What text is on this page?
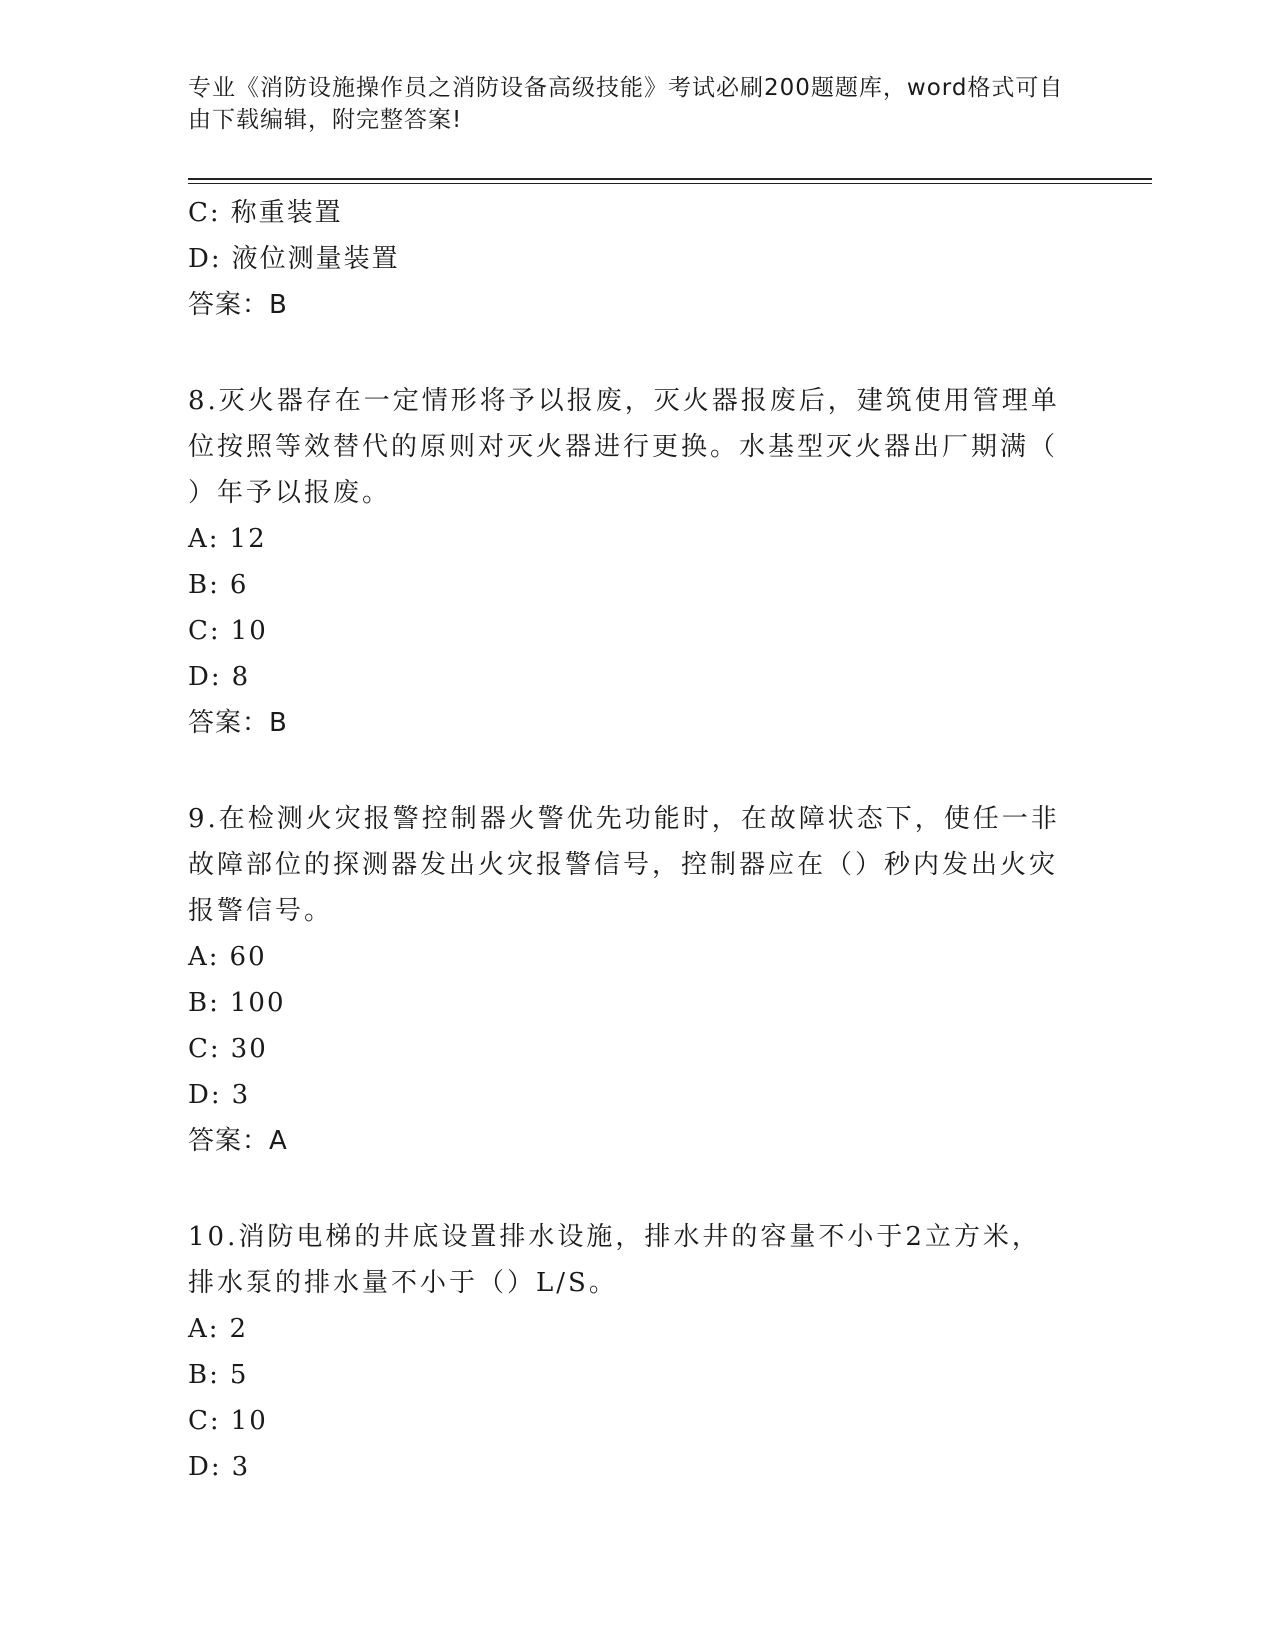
专业《消防设施操作员之消防设备高级技能》考试必刷200题题库，word格式可自由下载编辑，附完整答案!
C: 称重装置
D: 液位测量装置
答案：B
8.灭火器存在一定情形将予以报废，灭火器报废后，建筑使用管理单位按照等效替代的原则对灭火器进行更换。水基型灭火器出厂期满（ ）年予以报废。
A: 12
B: 6
C: 10
D: 8
答案：B
9.在检测火灾报警控制器火警优先功能时，在故障状态下，使任一非故障部位的探测器发出火灾报警信号，控制器应在（）秒内发出火灾报警信号。
A: 60
B: 100
C: 30
D: 3
答案：A
10.消防电梯的井底设置排水设施，排水井的容量不小于2立方米，排水泵的排水量不小于（）L/S。
A: 2
B: 5
C: 10
D: 3
